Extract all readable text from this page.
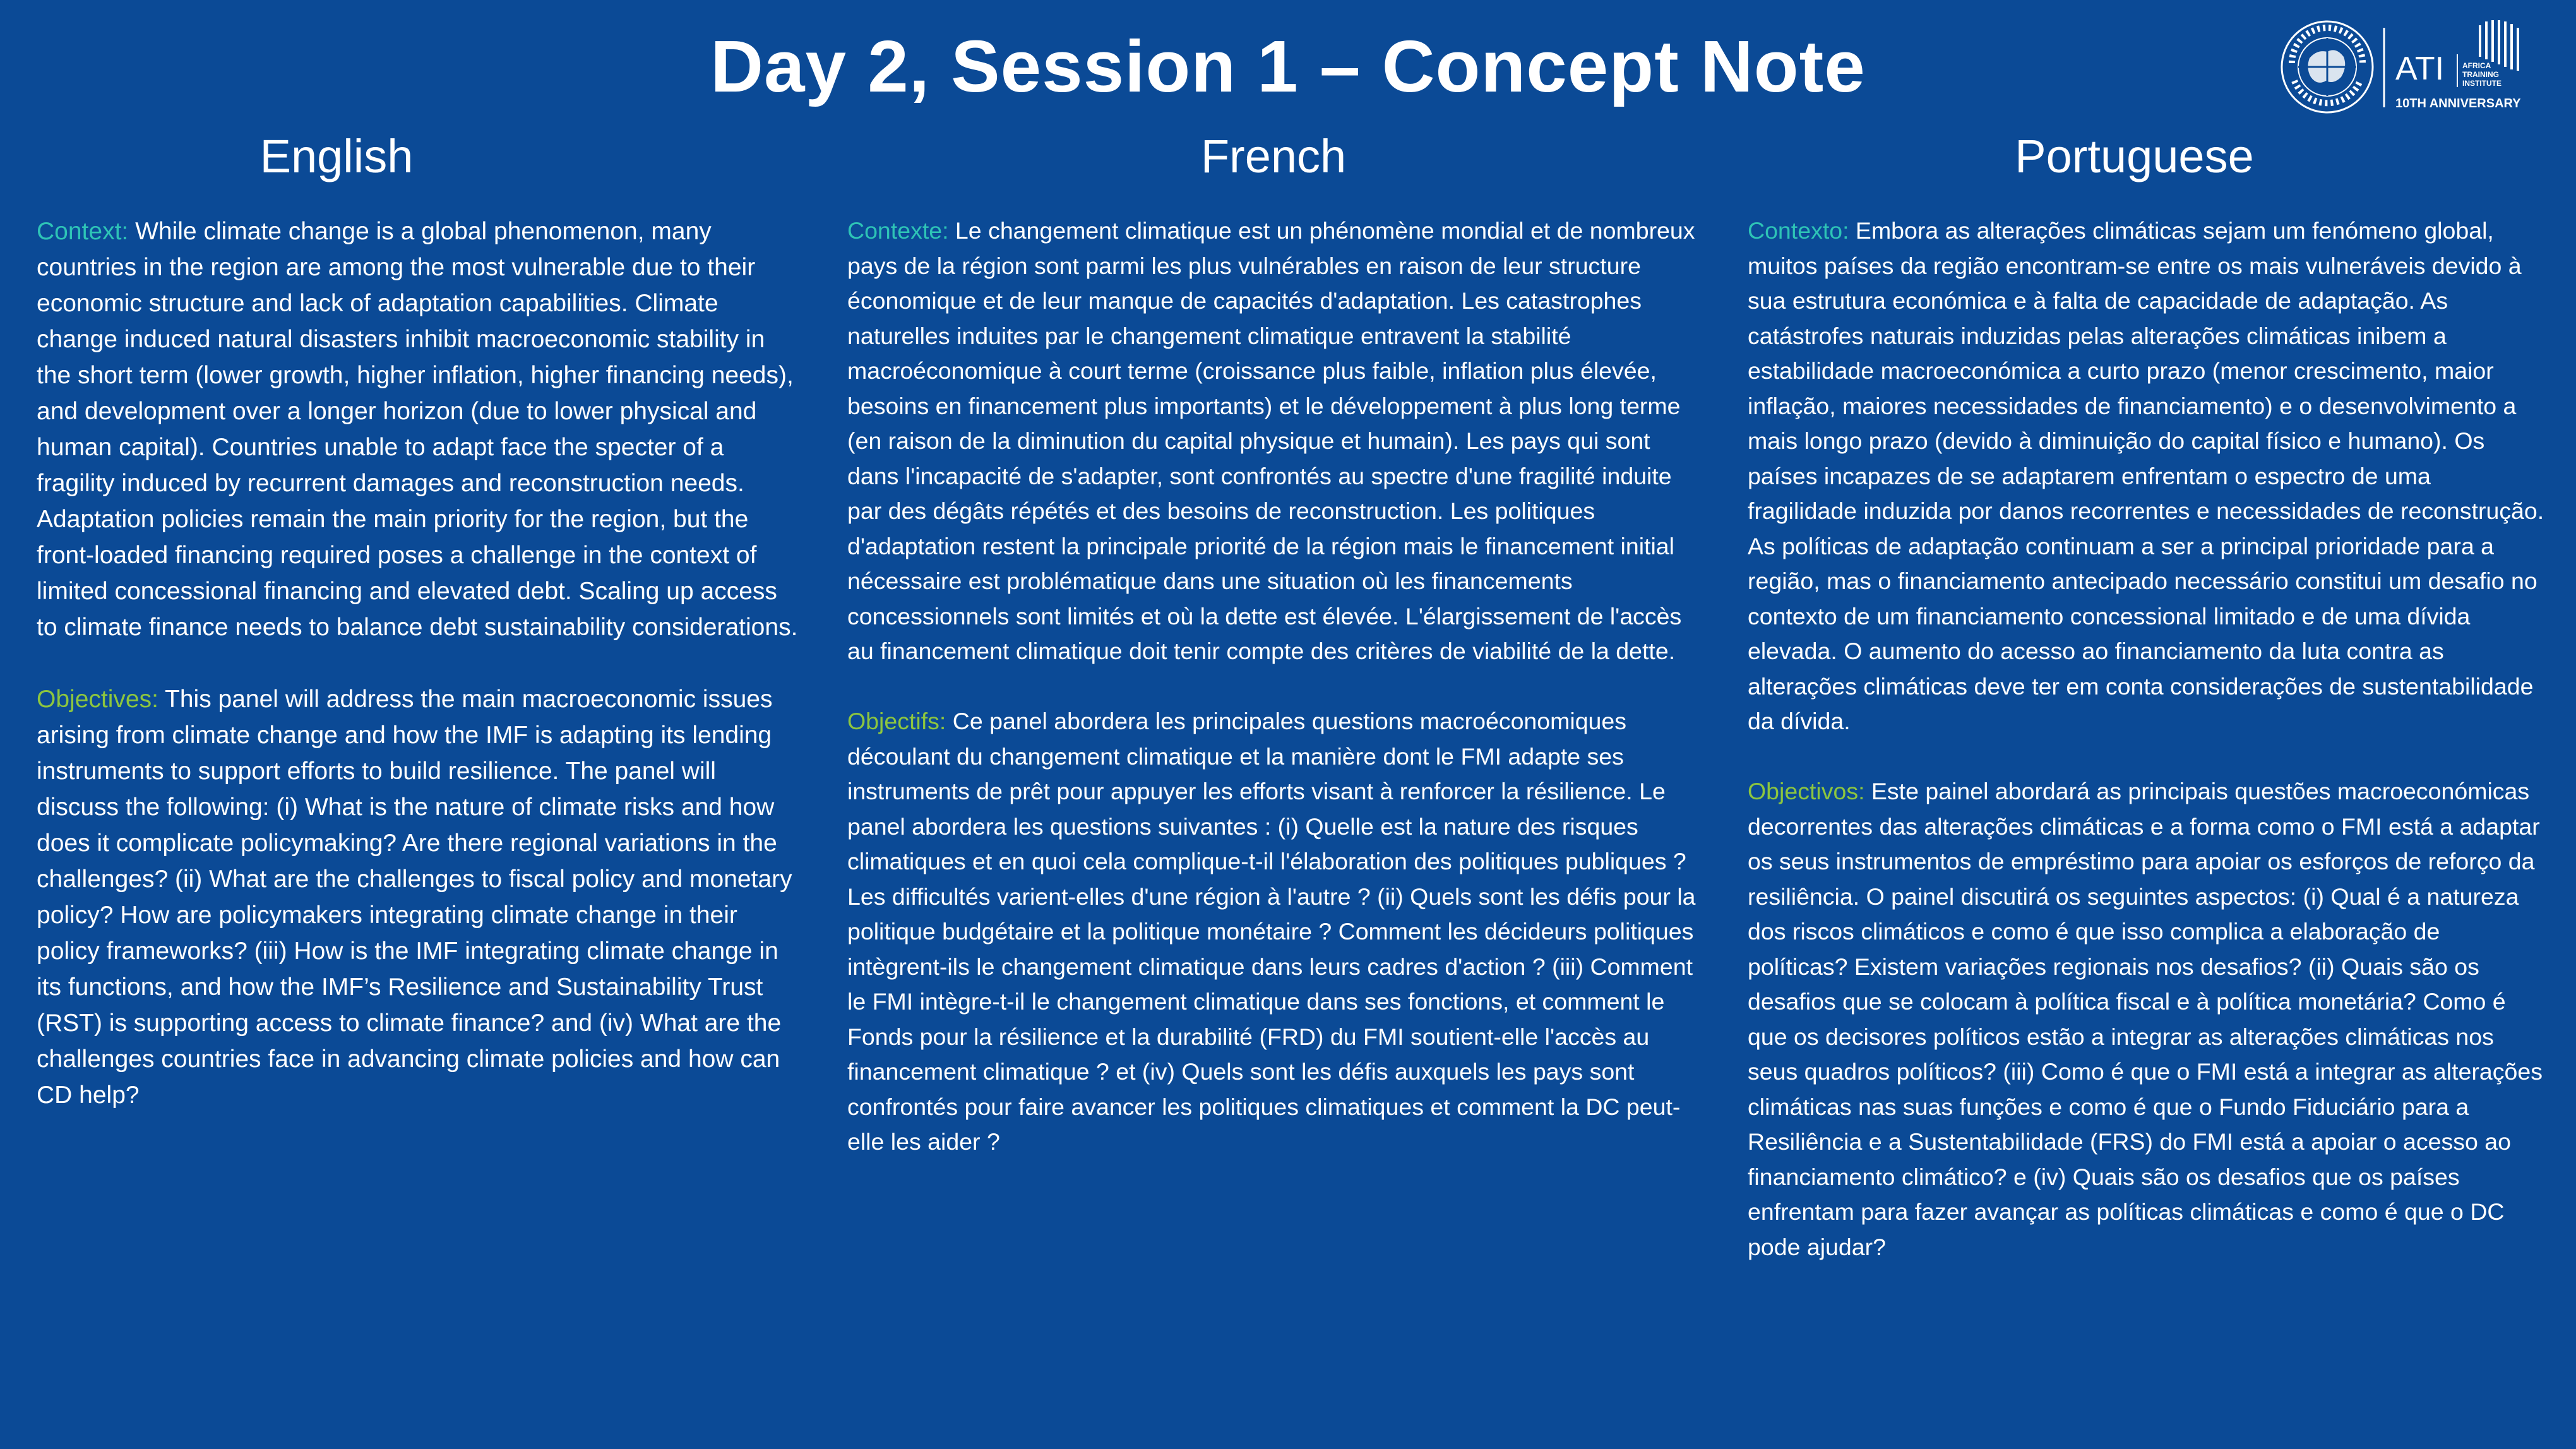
Day 2, Session 1 – Concept Note	ATI AFRICA
TRAINING
INSTITUTE
10TH ANNIVERSARY
English

Context: While climate change is a global phenomenon, many countries in the region are among the most vulnerable due to their economic structure and lack of adaptation capabilities. Climate change induced natural disasters inhibit macroeconomic stability in the short term (lower growth, higher inflation, higher financing needs), and development over a longer horizon (due to lower physical and human capital). Countries unable to adapt face the specter of a fragility induced by recurrent damages and reconstruction needs. Adaptation policies remain the main priority for the region, but the front-loaded financing required poses a challenge in the context of limited concessional financing and elevated debt. Scaling up access to climate finance needs to balance debt sustainability considerations.

Objectives: This panel will address the main macroeconomic issues arising from climate change and how the IMF is adapting its lending instruments to support efforts to build resilience. The panel will discuss the following: (i) What is the nature of climate risks and how does it complicate policymaking? Are there regional variations in the challenges? (ii) What are the challenges to fiscal policy and monetary policy? How are policymakers integrating climate change in their policy frameworks? (iii) How is the IMF integrating climate change in its functions, and how the IMF’s Resilience and Sustainability Trust (RST) is supporting access to climate finance? and (iv) What are the challenges countries face in advancing climate policies and how can CD help?

French

Contexte: Le changement climatique est un phénomène mondial et de nombreux pays de la région sont parmi les plus vulnérables en raison de leur structure économique et de leur manque de capacités d'adaptation. Les catastrophes naturelles induites par le changement climatique entravent la stabilité macroéconomique à court terme (croissance plus faible, inflation plus élevée, besoins en financement plus importants) et le développement à plus long terme (en raison de la diminution du capital physique et humain). Les pays qui sont dans l'incapacité de s'adapter, sont confrontés au spectre d'une fragilité induite par des dégâts répétés et des besoins de reconstruction. Les politiques d'adaptation restent la principale priorité de la région mais le financement initial nécessaire est problématique dans une situation où les financements concessionnels sont limités et où la dette est élevée. L'élargissement de l'accès au financement climatique doit tenir compte des critères de viabilité de la dette.

Objectifs: Ce panel abordera les principales questions macroéconomiques découlant du changement climatique et la manière dont le FMI adapte ses instruments de prêt pour appuyer les efforts visant à renforcer la résilience. Le panel abordera les questions suivantes : (i) Quelle est la nature des risques climatiques et en quoi cela complique-t-il l'élaboration des politiques publiques ? Les difficultés varient-elles d'une région à l'autre ? (ii) Quels sont les défis pour la politique budgétaire et la politique monétaire ? Comment les décideurs politiques intègrent-ils le changement climatique dans leurs cadres d'action ? (iii) Comment le FMI intègre-t-il le changement climatique dans ses fonctions, et comment le Fonds pour la résilience et la durabilité (FRD) du FMI soutient-elle l'accès au financement climatique ? et (iv) Quels sont les défis auxquels les pays sont confrontés pour faire avancer les politiques climatiques et comment la DC peut-elle les aider ?

Portuguese

Contexto: Embora as alterações climáticas sejam um fenómeno global, muitos países da região encontram-se entre os mais vulneráveis devido à sua estrutura económica e à falta de capacidade de adaptação. As catástrofes naturais induzidas pelas alterações climáticas inibem a estabilidade macroeconómica a curto prazo (menor crescimento, maior inflação, maiores necessidades de financiamento) e o desenvolvimento a mais longo prazo (devido à diminuição do capital físico e humano). Os países incapazes de se adaptarem enfrentam o espectro de uma fragilidade induzida por danos recorrentes e necessidades de reconstrução. As políticas de adaptação continuam a ser a principal prioridade para a região, mas o financiamento antecipado necessário constitui um desafio no contexto de um financiamento concessional limitado e de uma dívida elevada. O aumento do acesso ao financiamento da luta contra as alterações climáticas deve ter em conta considerações de sustentabilidade da dívida.

Objectivos: Este painel abordará as principais questões macroeconómicas decorrentes das alterações climáticas e a forma como o FMI está a adaptar os seus instrumentos de empréstimo para apoiar os esforços de reforço da resiliência. O painel discutirá os seguintes aspectos: (i) Qual é a natureza dos riscos climáticos e como é que isso complica a elaboração de políticas? Existem variações regionais nos desafios? (ii) Quais são os desafios que se colocam à política fiscal e à política monetária? Como é que os decisores políticos estão a integrar as alterações climáticas nos seus quadros políticos? (iii) Como é que o FMI está a integrar as alterações climáticas nas suas funções e como é que o Fundo Fiduciário para a Resiliência e a Sustentabilidade (FRS) do FMI está a apoiar o acesso ao financiamento climático? e (iv) Quais são os desafios que os países enfrentam para fazer avançar as políticas climáticas e como é que o DC pode ajudar?
